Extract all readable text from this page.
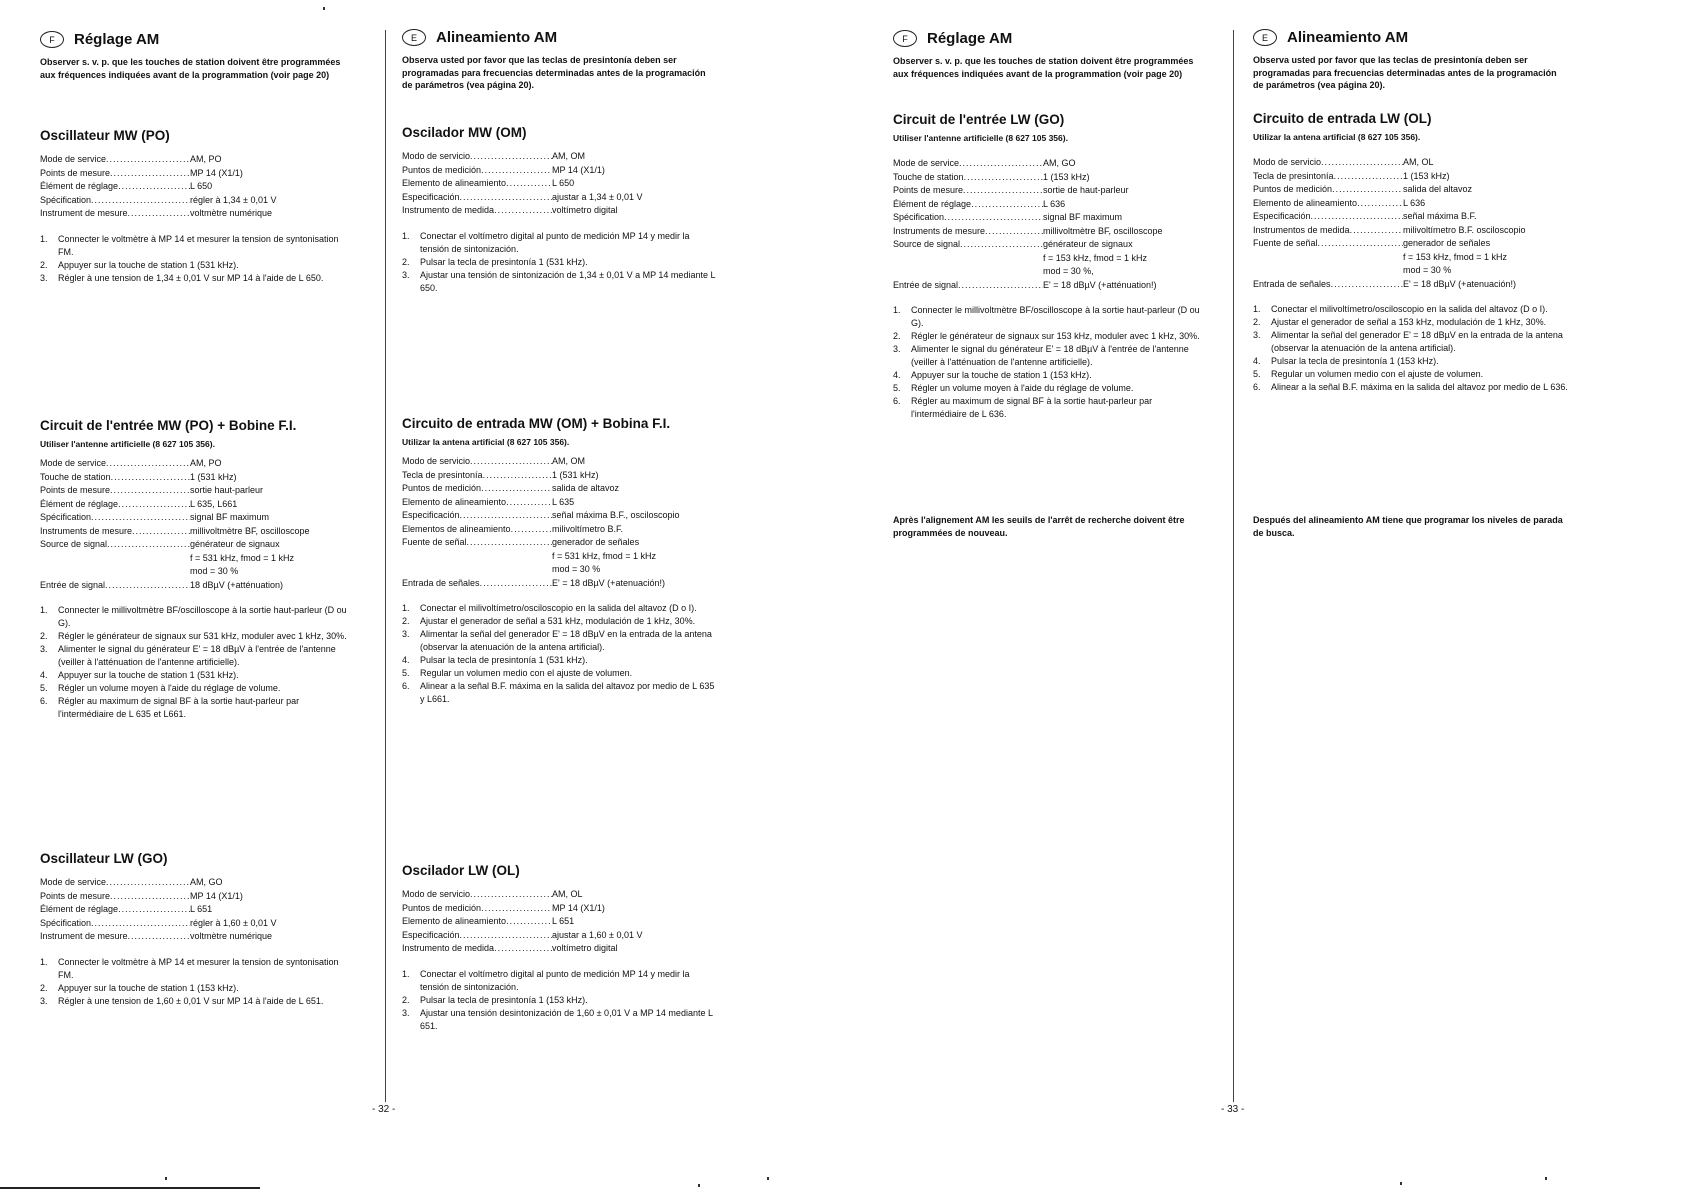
- 32 -	- 33 -
F	Réglage AM

Observer s. v. p. que les touches de station doivent être programmées aux fréquences indiquées avant de la programmation (voir page 20)

Oscillateur MW (PO)
Mode de service .....	AM, PO
Points de mesure .....	MP 14 (X1/1)
Élément de réglage .....	L 650
Spécification .....	régler à 1,34 ± 0,01 V
Instrument de mesure .....	voltmètre numérique
1.	Connecter le voltmètre à MP 14 et mesurer la tension de syntonisation FM.
2.	Appuyer sur la touche de station 1 (531 kHz).
3.	Régler à une tension de 1,34 ± 0,01 V sur MP 14 à l'aide de L 650.
Circuit de l'entrée MW (PO) + Bobine F.I.
Utiliser l'antenne artificielle (8 627 105 356).
Mode de service .....	AM, PO
Touche de station .....	1 (531 kHz)
Points de mesure .....	sortie haut-parleur
Élément de réglage .....	L 635, L661
Spécification .....	signal BF maximum
Instruments de mesure .....	millivoltmètre BF, oscilloscope
Source de signal .....	générateur de signaux
f = 531 kHz, fmod = 1 kHz
mod = 30 %
Entrée de signal .....	18 dBµV (+atténuation)
1.	Connecter le millivoltmètre BF/oscilloscope à la sortie haut-parleur (D ou G).
2.	Régler le générateur de signaux sur 531 kHz, moduler avec 1 kHz, 30%.
3.	Alimenter le signal du générateur E' = 18 dBµV à l'entrée de l'antenne (veiller à l'atténuation de l'antenne artificielle).
4.	Appuyer sur la touche de station 1 (531 kHz).
5.	Régler un volume moyen à l'aide du réglage de volume.
6.	Régler au maximum de signal BF à la sortie haut-parleur par l'intermédiaire de L 635 et L661.
Oscillateur LW (GO)
Mode de service .....	AM, GO
Points de mesure .....	MP 14 (X1/1)
Élément de réglage .....	L 651
Spécification .....	régler à 1,60 ± 0,01 V
Instrument de mesure .....	voltmètre numérique
1.	Connecter le voltmètre à MP 14 et mesurer la tension de syntonisation FM.
2.	Appuyer sur la touche de station 1 (153 kHz).
3.	Régler à une tension de 1,60 ± 0,01 V sur MP 14 à l'aide de L 651.
E	Alineamiento AM

Observa usted por favor que las teclas de presintonía deben ser programadas para frecuencias determinadas antes de la programación de parámetros (vea página 20).

Oscilador MW (OM)
Modo de servicio .....	AM, OM
Puntos de medición .....	MP 14 (X1/1)
Elemento de alineamiento .....	L 650
Especificación .....	ajustar a 1,34 ± 0,01 V
Instrumento de medida .....	voltímetro digital
1.	Conectar el voltímetro digital al punto de medición MP 14 y medir la tensión de sintonización.
2.	Pulsar la tecla de presintonía 1 (531 kHz).
3.	Ajustar una tensión de sintonización de 1,34 ± 0,01 V a MP 14 mediante L 650.
Circuito de entrada MW (OM) + Bobina F.I.
Utilizar la antena artificial (8 627 105 356).
Modo de servicio .....	AM, OM
Tecla de presintonía .....	1 (531 kHz)
Puntos de medición .....	salida de altavoz
Elemento de alineamiento .....	L 635
Especificación .....	señal máxima B.F., osciloscopio
Elementos de alineamiento .....	milivoltímetro B.F.
Fuente de señal .....	generador de señales
f = 531 kHz, fmod = 1 kHz
mod = 30 %
Entrada de señales .....	E' = 18 dBµV (+atenuación!)
1.	Conectar el milivoltímetro/osciloscopio en la salida del altavoz (D o I).
2.	Ajustar el generador de señal a 531 kHz, modulación de 1 kHz, 30%.
3.	Alimentar la señal del generador E' = 18 dBµV en la entrada de la antena (observar la atenuación de la antena artificial).
4.	Pulsar la tecla de presintonía 1 (531 kHz).
5.	Regular un volumen medio con el ajuste de volumen.
6.	Alinear a la señal B.F. máxima en la salida del altavoz por medio de L 635 y L661.
Oscilador LW (OL)
Modo de servicio .....	AM, OL
Puntos de medición .....	MP 14 (X1/1)
Elemento de alineamiento .....	L 651
Especificación .....	ajustar a 1,60 ± 0,01 V
Instrumento de medida .....	voltímetro digital
1.	Conectar el voltímetro digital al punto de medición MP 14 y medir la tensión de sintonización.
2.	Pulsar la tecla de presintonía 1 (153 kHz).
3.	Ajustar una tensión desintonización de 1,60 ± 0,01 V a MP 14 mediante L 651.
F	Réglage AM

Observer s. v. p. que les touches de station doivent être programmées aux fréquences indiquées avant de la programmation (voir page 20)

Circuit de l'entrée LW (GO)
Utiliser l'antenne artificielle (8 627 105 356).
Mode de service .....	AM, GO
Touche de station .....	1 (153 kHz)
Points de mesure .....	sortie de haut-parleur
Élément de réglage .....	L 636
Spécification .....	signal BF maximum
Instruments de mesure .....	millivoltmètre BF, oscilloscope
Source de signal .....	générateur de signaux
f = 153 kHz, fmod = 1 kHz
mod = 30 %,
Entrée de signal .....	E' = 18 dBµV (+atténuation!)
1.	Connecter le millivoltmètre BF/oscilloscope à la sortie haut-parleur (D ou G).
2.	Régler le générateur de signaux sur 153 kHz, moduler avec 1 kHz, 30%.
3.	Alimenter le signal du générateur E' = 18 dBµV à l'entrée de l'antenne (veiller à l'atténuation de l'antenne artificielle).
4.	Appuyer sur la touche de station 1 (153 kHz).
5.	Régler un volume moyen à l'aide du réglage de volume.
6.	Régler au maximum de signal BF à la sortie haut-parleur par l'intermédiaire de L 636.

Après l'alignement AM les seuils de l'arrêt de recherche doivent être programmées de nouveau.

E	Alineamiento AM

Observa usted por favor que las teclas de presintonía deben ser programadas para frecuencias determinadas antes de la programación de parámetros (vea página 20).

Circuito de entrada LW (OL)
Utilizar la antena artificial (8 627 105 356).
Modo de servicio .....	AM, OL
Tecla de presintonía .....	1 (153 kHz)
Puntos de medición .....	salida del altavoz
Elemento de alineamiento .....	L 636
Especificación .....	señal máxima B.F.
Instrumentos de medida .....	milivoltímetro B.F. osciloscopio
Fuente de señal .....	generador de señales
f = 153 kHz, fmod = 1 kHz
mod = 30 %
Entrada de señales .....	E' = 18 dBµV (+atenuación!)
1.	Conectar el milivoltímetro/osciloscopio en la salida del altavoz (D o I).
2.	Ajustar el generador de señal a 153 kHz, modulación de 1 kHz, 30%.
3.	Alimentar la señal del generador E' = 18 dBµV en la entrada de la antena (observar la atenuación de la antena artificial).
4.	Pulsar la tecla de presintonía 1 (153 kHz).
5.	Regular un volumen medio con el ajuste de volumen.
6.	Alinear a la señal B.F. máxima en la salida del altavoz por medio de L 636.

Después del alineamiento AM tiene que programar los niveles de parada de busca.
